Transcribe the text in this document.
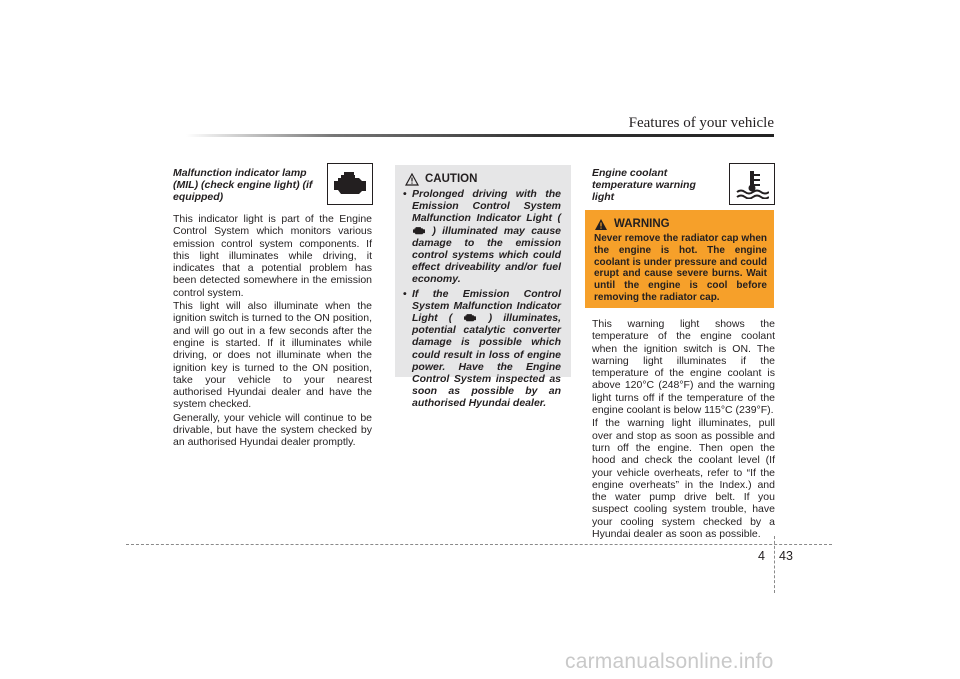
Features of your vehicle
Malfunction indicator lamp (MIL) (check engine light) (if equipped)

This indicator light is part of the Engine Control System which monitors various emission control system components. If this light illuminates while driving, it indicates that a potential problem has been detected somewhere in the emission control system.

This light will also illuminate when the ignition switch is turned to the ON position, and will go out in a few seconds after the engine is started. If it illuminates while driving, or does not illuminate when the ignition key is turned to the ON position, take your vehicle to your nearest authorised Hyundai dealer and have the system checked.

Generally, your vehicle will continue to be drivable, but have the system checked by an authorised Hyundai dealer promptly.

CAUTION
• Prolonged driving with the Emission Control System Malfunction Indicator Light (  ) illuminated may cause damage to the emission control systems which could effect driveability and/or fuel economy.
• If the Emission Control System Malfunction Indicator Light (	) illuminates, potential catalytic converter damage is possible which could result in loss of engine power. Have the Engine Control System inspected as soon as possible by an authorised Hyundai dealer.
Engine coolant temperature warning light
WARNING

Never remove the radiator cap when the engine is hot. The engine coolant is under pressure and could erupt and cause severe burns. Wait until the engine is cool before removing the radiator cap.

This warning light shows the temperature of the engine coolant when the ignition switch is ON. The warning light illuminates if the temperature of the engine coolant is above 120°C (248°F) and the warning light turns off if the temperature of the engine coolant is below 115°C (239°F).

If the warning light illuminates, pull over and stop as soon as possible and turn off the engine. Then open the hood and check the coolant level (If your vehicle overheats, refer to “If the engine overheats” in the Index.) and the water pump drive belt. If you suspect cooling system trouble, have your cooling system checked by a Hyundai dealer as soon as possible.

4 43
carmanualsonline.info
